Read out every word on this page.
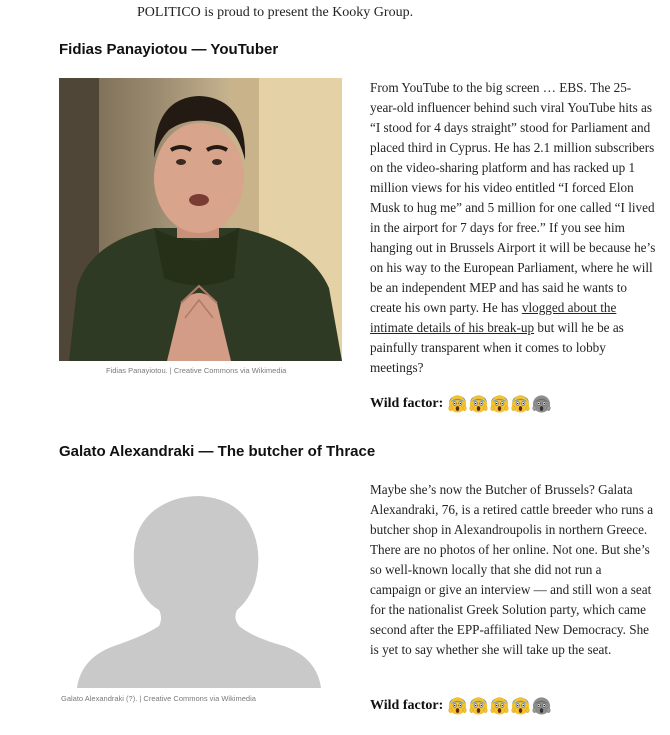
POLITICO is proud to present the Kooky Group.
Fidias Panayiotou — YouTuber
Fidias Panayiotou. | Creative Commons via Wikimedia

From YouTube to the big screen … EBS. The 25-year-old influencer behind such viral YouTube hits as “I stood for 4 days straight” stood for Parliament and placed third in Cyprus. He has 2.1 million subscribers on the video-sharing platform and has racked up 1 million views for his video entitled “I forced Elon Musk to hug me” and 5 million for one called “I lived in the airport for 7 days for free.” If you see him hanging out in Brussels Airport it will be because he’s on his way to the European Parliament, where he will be an independent MEP and has said he wants to create his own party. He has vlogged about the intimate details of his break-up but will he be as painfully transparent when it comes to lobby meetings?

Wild factor:
Galato Alexandraki — The butcher of Thrace
Galato Alexandraki (?). | Creative Commons via Wikimedia

Maybe she’s now the Butcher of Brussels? Galata Alexandraki, 76, is a retired cattle breeder who runs a butcher shop in Alexandroupolis in northern Greece. There are no photos of her online. Not one. But she’s so well-known locally that she did not run a campaign or give an interview — and still won a seat for the nationalist Greek Solution party, which came second after the EPP-affiliated New Democracy. She is yet to say whether she will take up the seat.

Wild factor:
